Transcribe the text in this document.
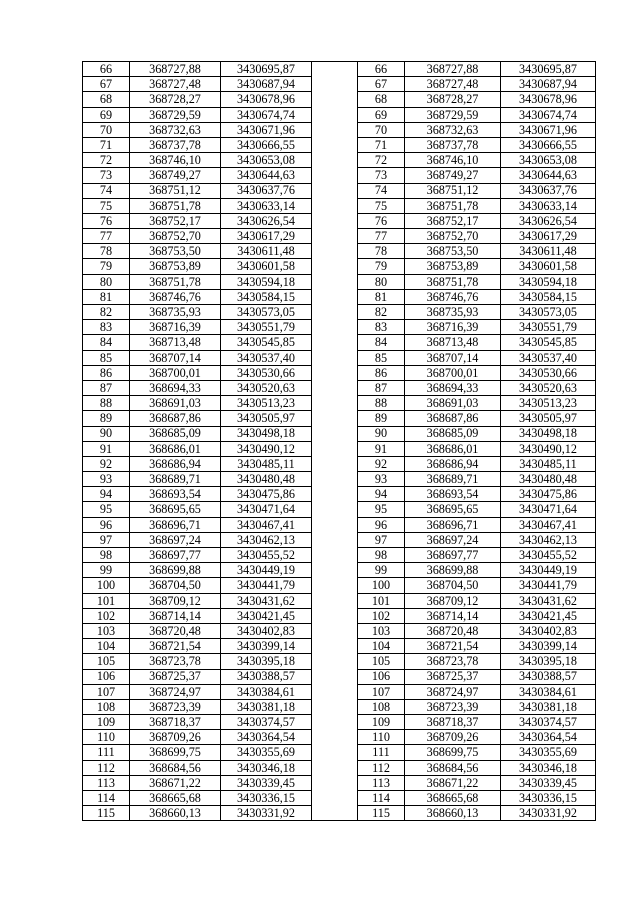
66	368727,88	3430695,87		66	368727,88	3430695,87
67	368727,48	3430687,94		67	368727,48	3430687,94
68	368728,27	3430678,96		68	368728,27	3430678,96
69	368729,59	3430674,74		69	368729,59	3430674,74
70	368732,63	3430671,96		70	368732,63	3430671,96
71	368737,78	3430666,55		71	368737,78	3430666,55
72	368746,10	3430653,08		72	368746,10	3430653,08
73	368749,27	3430644,63		73	368749,27	3430644,63
74	368751,12	3430637,76		74	368751,12	3430637,76
75	368751,78	3430633,14		75	368751,78	3430633,14
76	368752,17	3430626,54		76	368752,17	3430626,54
77	368752,70	3430617,29		77	368752,70	3430617,29
78	368753,50	3430611,48		78	368753,50	3430611,48
79	368753,89	3430601,58		79	368753,89	3430601,58
80	368751,78	3430594,18		80	368751,78	3430594,18
81	368746,76	3430584,15		81	368746,76	3430584,15
82	368735,93	3430573,05		82	368735,93	3430573,05
83	368716,39	3430551,79		83	368716,39	3430551,79
84	368713,48	3430545,85		84	368713,48	3430545,85
85	368707,14	3430537,40		85	368707,14	3430537,40
86	368700,01	3430530,66		86	368700,01	3430530,66
87	368694,33	3430520,63		87	368694,33	3430520,63
88	368691,03	3430513,23		88	368691,03	3430513,23
89	368687,86	3430505,97		89	368687,86	3430505,97
90	368685,09	3430498,18		90	368685,09	3430498,18
91	368686,01	3430490,12		91	368686,01	3430490,12
92	368686,94	3430485,11		92	368686,94	3430485,11
93	368689,71	3430480,48		93	368689,71	3430480,48
94	368693,54	3430475,86		94	368693,54	3430475,86
95	368695,65	3430471,64		95	368695,65	3430471,64
96	368696,71	3430467,41		96	368696,71	3430467,41
97	368697,24	3430462,13		97	368697,24	3430462,13
98	368697,77	3430455,52		98	368697,77	3430455,52
99	368699,88	3430449,19		99	368699,88	3430449,19
100	368704,50	3430441,79		100	368704,50	3430441,79
101	368709,12	3430431,62		101	368709,12	3430431,62
102	368714,14	3430421,45		102	368714,14	3430421,45
103	368720,48	3430402,83		103	368720,48	3430402,83
104	368721,54	3430399,14		104	368721,54	3430399,14
105	368723,78	3430395,18		105	368723,78	3430395,18
106	368725,37	3430388,57		106	368725,37	3430388,57
107	368724,97	3430384,61		107	368724,97	3430384,61
108	368723,39	3430381,18		108	368723,39	3430381,18
109	368718,37	3430374,57		109	368718,37	3430374,57
110	368709,26	3430364,54		110	368709,26	3430364,54
111	368699,75	3430355,69		111	368699,75	3430355,69
112	368684,56	3430346,18		112	368684,56	3430346,18
113	368671,22	3430339,45		113	368671,22	3430339,45
114	368665,68	3430336,15		114	368665,68	3430336,15
115	368660,13	3430331,92		115	368660,13	3430331,92
